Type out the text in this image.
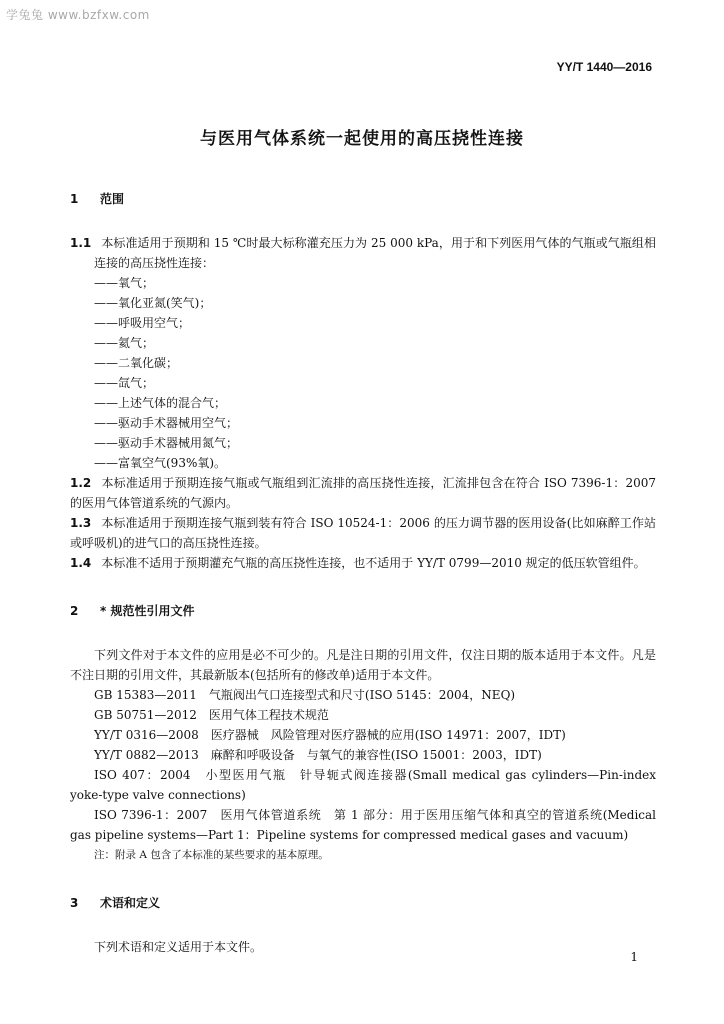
学兔兔 www.bzfxw.com
YY/T 1440—2016
与医用气体系统一起使用的高压挠性连接
1 范围

1.1 本标准适用于预期和 15 ℃时最大标称灌充压力为 25 000 kPa，用于和下列医用气体的气瓶或气瓶组相连接的高压挠性连接：

——氧气；

——氧化亚氮(笑气)；

——呼吸用空气；

——氦气；

——二氧化碳；

——氙气；

——上述气体的混合气；

——驱动手术器械用空气；

——驱动手术器械用氮气；

——富氧空气(93%氧)。

1.2 本标准适用于预期连接气瓶或气瓶组到汇流排的高压挠性连接，汇流排包含在符合 ISO 7396-1：2007 的医用气体管道系统的气源内。

1.3 本标准适用于预期连接气瓶到装有符合 ISO 10524-1：2006 的压力调节器的医用设备(比如麻醉工作站或呼吸机)的进气口的高压挠性连接。

1.4 本标准不适用于预期灌充气瓶的高压挠性连接，也不适用于 YY/T 0799—2010 规定的低压软管组件。

2 * 规范性引用文件

下列文件对于本文件的应用是必不可少的。凡是注日期的引用文件，仅注日期的版本适用于本文件。凡是不注日期的引用文件，其最新版本(包括所有的修改单)适用于本文件。

GB 15383—2011　气瓶阀出气口连接型式和尺寸(ISO 5145：2004，NEQ)

GB 50751—2012　医用气体工程技术规范

YY/T 0316—2008　医疗器械　风险管理对医疗器械的应用(ISO 14971：2007，IDT)

YY/T 0882—2013　麻醉和呼吸设备　与氧气的兼容性(ISO 15001：2003，IDT)

ISO 407：2004　小型医用气瓶　针导轭式阀连接器(Small medical gas cylinders—Pin-index yoke-type valve connections)

ISO 7396-1：2007　医用气体管道系统　第 1 部分：用于医用压缩气体和真空的管道系统(Medical gas pipeline systems—Part 1：Pipeline systems for compressed medical gases and vacuum)

注：附录 A 包含了本标准的某些要求的基本原理。

3 术语和定义

下列术语和定义适用于本文件。

1
